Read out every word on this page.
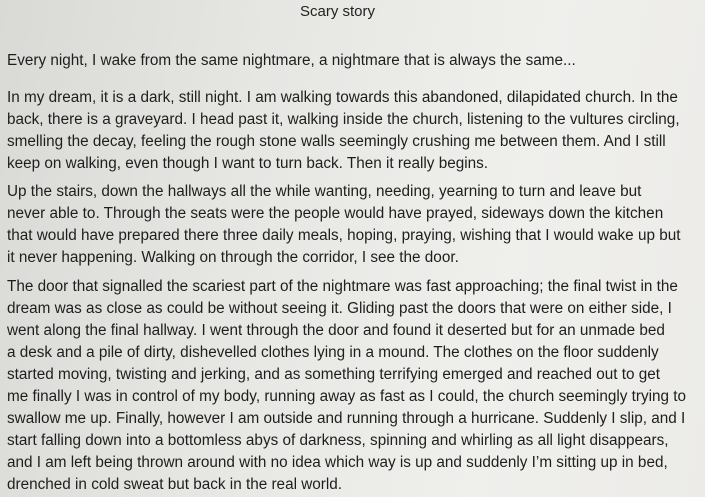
Scary story
Every night, I wake from the same nightmare, a nightmare that is always the same...
In my dream, it is a dark, still night. I am walking towards this abandoned, dilapidated church. In the
back, there is a graveyard. I head past it, walking inside the church, listening to the vultures circling,
smelling the decay, feeling the rough stone walls seemingly crushing me between them. And I still
keep on walking, even though I want to turn back. Then it really begins.
Up the stairs, down the hallways all the while wanting, needing, yearning to turn and leave but
never able to. Through the seats were the people would have prayed, sideways down the kitchen
that would have prepared there three daily meals, hoping, praying, wishing that I would wake up but
it never happening. Walking on through the corridor, I see the door.
The door that signalled the scariest part of the nightmare was fast approaching; the final twist in the
dream was as close as could be without seeing it. Gliding past the doors that were on either side, I
went along the final hallway. I went through the door and found it deserted but for an unmade bed
a desk and a pile of dirty, dishevelled clothes lying in a mound. The clothes on the floor suddenly
started moving, twisting and jerking, and as something terrifying emerged and reached out to get
me finally I was in control of my body, running away as fast as I could, the church seemingly trying to
swallow me up. Finally, however I am outside and running through a hurricane. Suddenly I slip, and I
start falling down into a bottomless abys of darkness, spinning and whirling as all light disappears,
and I am left being thrown around with no idea which way is up and suddenly I’m sitting up in bed,
drenched in cold sweat but back in the real world.
